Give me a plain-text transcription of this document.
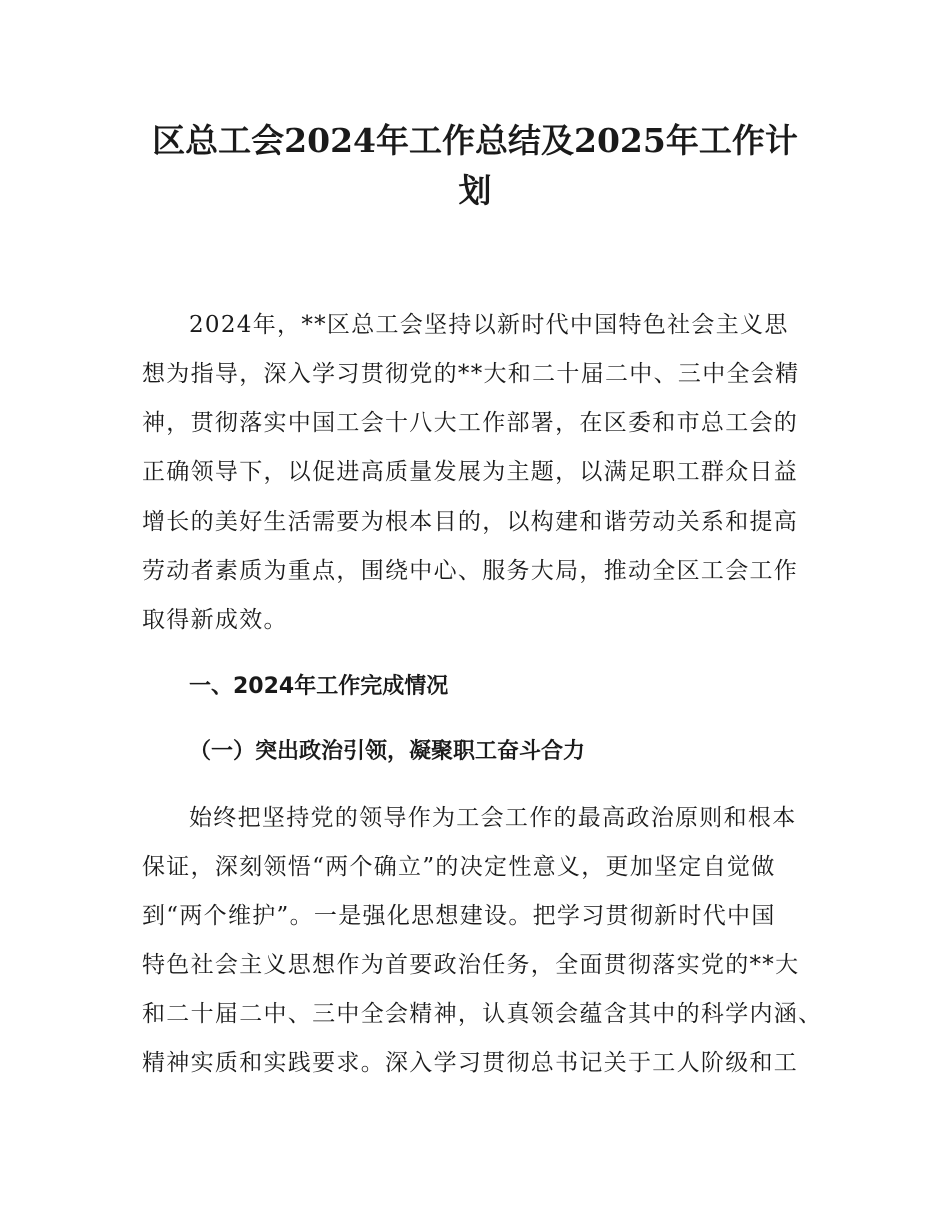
区总工会2024年工作总结及2025年工作计
划

2024年，**区总工会坚持以新时代中国特色社会主义思

想为指导，深入学习贯彻党的**大和二十届二中、三中全会精

神，贯彻落实中国工会十八大工作部署，在区委和市总工会的

正确领导下，以促进高质量发展为主题，以满足职工群众日益

增长的美好生活需要为根本目的，以构建和谐劳动关系和提高

劳动者素质为重点，围绕中心、服务大局，推动全区工会工作

取得新成效。

一、2024年工作完成情况
（一）突出政治引领，凝聚职工奋斗合力

始终把坚持党的领导作为工会工作的最高政治原则和根本

保证，深刻领悟“两个确立”的决定性意义，更加坚定自觉做

到“两个维护”。一是强化思想建设。把学习贯彻新时代中国

特色社会主义思想作为首要政治任务，全面贯彻落实党的**大

和二十届二中、三中全会精神，认真领会蕴含其中的科学内涵、

精神实质和实践要求。深入学习贯彻总书记关于工人阶级和工
